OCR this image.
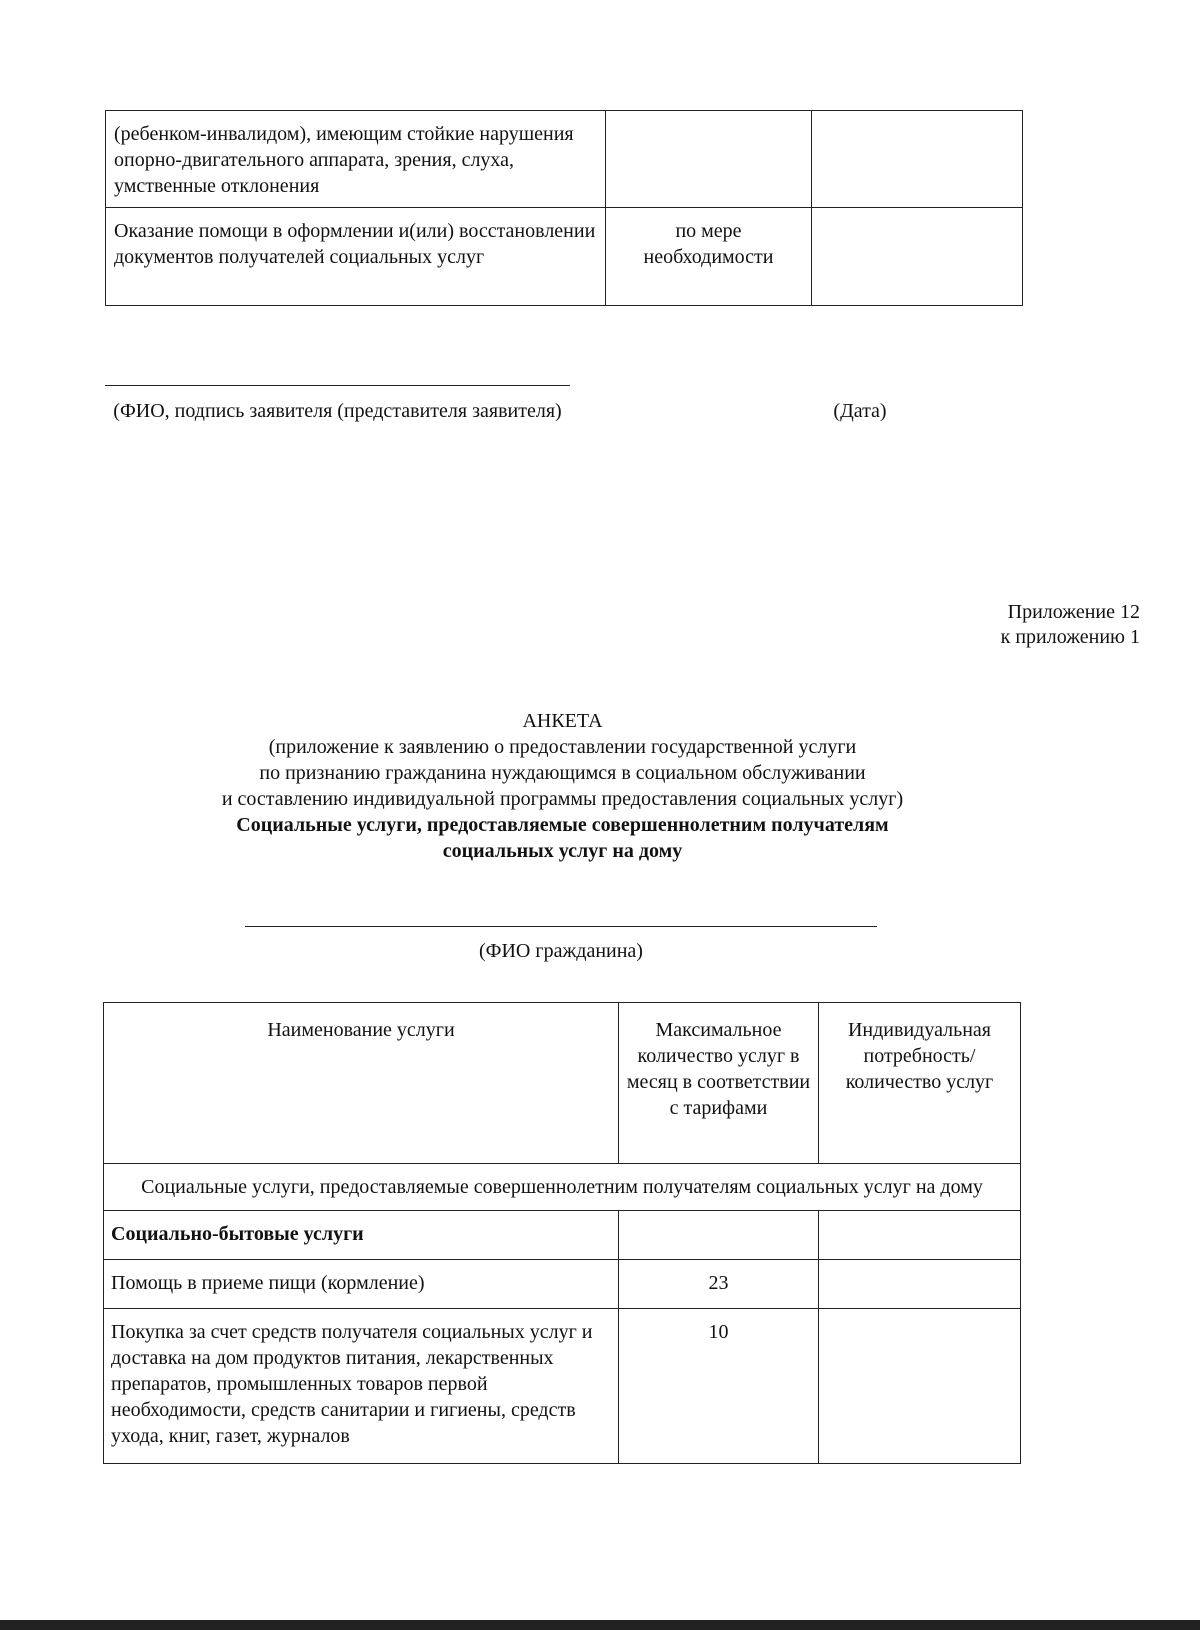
(ребенком-инвалидом), имеющим стойкие нарушения опорно-двигательного аппарата, зрения, слуха, умственные отклонения		
Оказание помощи в оформлении и(или) восстановлении документов получателей социальных услуг	по мере необходимости	
(ФИО, подпись заявителя (представителя заявителя)	(Дата)
Приложение 12
к приложению 1
АНКЕТА
(приложение к заявлению о предоставлении государственной услуги
по признанию гражданина нуждающимся в социальном обслуживании
и составлению индивидуальной программы предоставления социальных услуг)
Социальные услуги, предоставляемые совершеннолетним получателям
социальных услуг на дому
(ФИО гражданина)
Наименование услуги	Максимальное количество услуг в месяц в соответствии с тарифами	Индивидуальная потребность/количество услуг
Социальные услуги, предоставляемые совершеннолетним получателям социальных услуг на дому		
Социально-бытовые услуги		
Помощь в приеме пищи (кормление)	23	
Покупка за счет средств получателя социальных услуг и доставка на дом продуктов питания, лекарственных препаратов, промышленных товаров первой необходимости, средств санитарии и гигиены, средств ухода, книг, газет, журналов	10	
